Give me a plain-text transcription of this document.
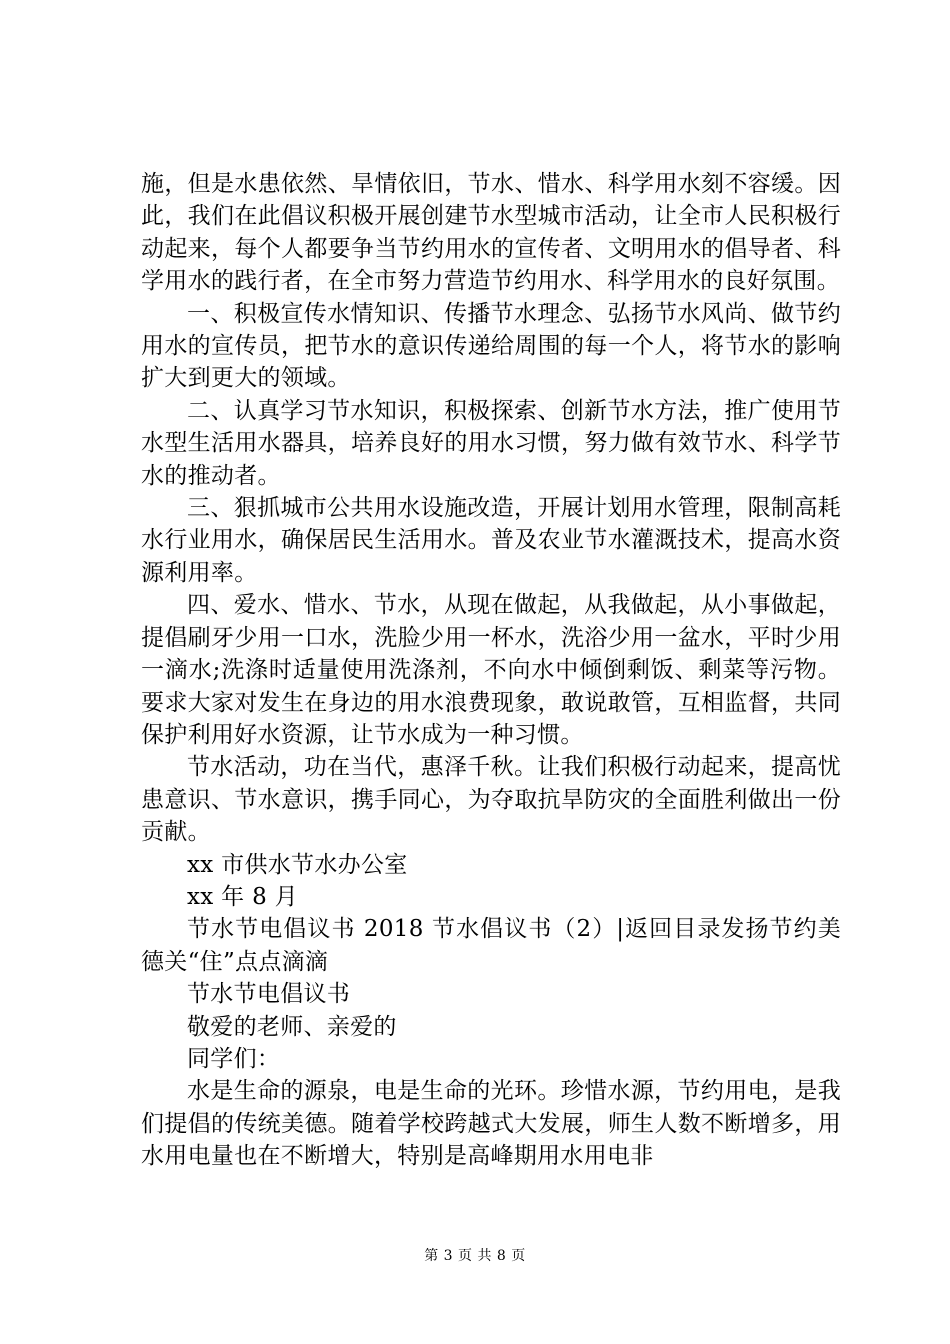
施，但是水患依然、旱情依旧，节水、惜水、科学用水刻不容缓。因此，我们在此倡议积极开展创建节水型城市活动，让全市人民积极行动起来，每个人都要争当节约用水的宣传者、文明用水的倡导者、科学用水的践行者，在全市努力营造节约用水、科学用水的良好氛围。

一、积极宣传水情知识、传播节水理念、弘扬节水风尚、做节约用水的宣传员，把节水的意识传递给周围的每一个人，将节水的影响扩大到更大的领域。

二、认真学习节水知识，积极探索、创新节水方法，推广使用节水型生活用水器具，培养良好的用水习惯，努力做有效节水、科学节水的推动者。

三、狠抓城市公共用水设施改造，开展计划用水管理，限制高耗水行业用水，确保居民生活用水。普及农业节水灌溉技术，提高水资源利用率。

四、爱水、惜水、节水，从现在做起，从我做起，从小事做起，提倡刷牙少用一口水，洗脸少用一杯水，洗浴少用一盆水，平时少用一滴水;洗涤时适量使用洗涤剂，不向水中倾倒剩饭、剩菜等污物。要求大家对发生在身边的用水浪费现象，敢说敢管，互相监督，共同保护利用好水资源，让节水成为一种习惯。

节水活动，功在当代，惠泽千秋。让我们积极行动起来，提高忧患意识、节水意识，携手同心，为夺取抗旱防灾的全面胜利做出一份贡献。

xx 市供水节水办公室

xx 年 8 月

节水节电倡议书 2018 节水倡议书（2）|返回目录发扬节约美德关“住”点点滴滴

节水节电倡议书

敬爱的老师、亲爱的

同学们：

水是生命的源泉，电是生命的光环。珍惜水源，节约用电，是我们提倡的传统美德。随着学校跨越式大发展，师生人数不断增多，用水用电量也在不断增大，特别是高峰期用水用电非

第 3 页 共 8 页
